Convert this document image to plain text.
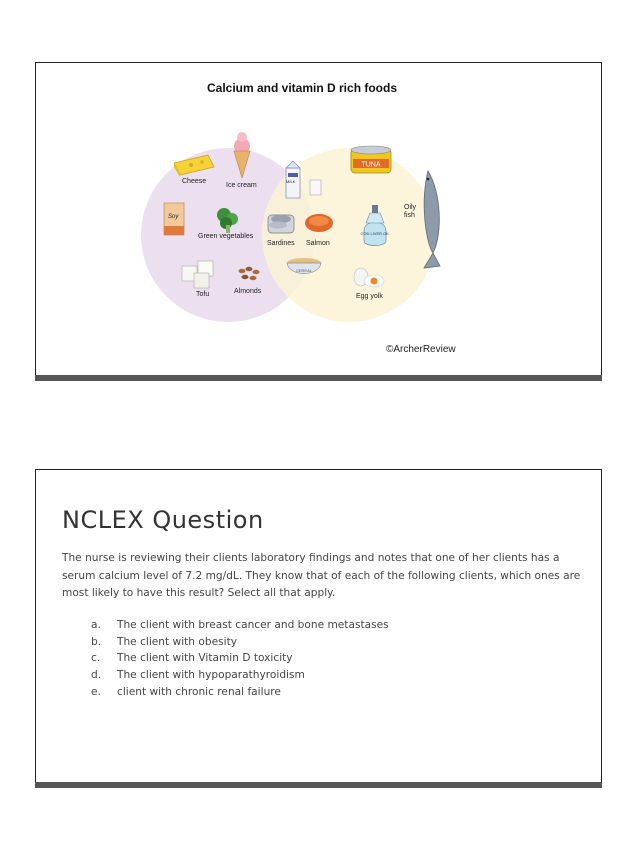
Calcium and vitamin D rich foods
TUNA
COD LIVER OIL
CEREAL
Cheese
Ice cream
Green vegetables
Sardines Salmon
Oily
fish
Tofu	Almonds
Egg yolk
MILK
Soy
©ArcherReview
NCLEX Question
The nurse is reviewing their clients laboratory findings and notes that one of her clients has a serum calcium level of 7.2 mg/dL. They know that of each of the following clients, which ones are most likely to have this result? Select all that apply.
a.	The client with breast cancer and bone metastases
b.	The client with obesity
c.	The client with Vitamin D toxicity
d.	The client with hypoparathyroidism
e.	client with chronic renal failure
